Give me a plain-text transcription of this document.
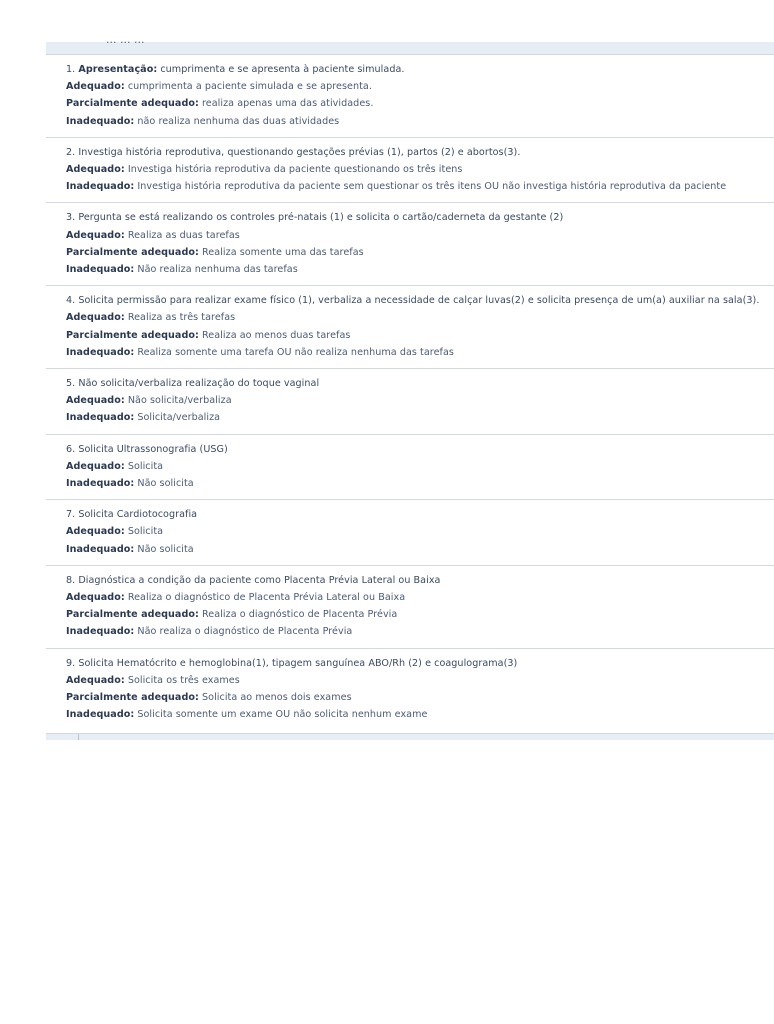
... ... ...
1. Apresentação: cumprimenta e se apresenta à paciente simulada.
Adequado: cumprimenta a paciente simulada e se apresenta.
Parcialmente adequado: realiza apenas uma das atividades.
Inadequado: não realiza nenhuma das duas atividades
2. Investiga história reprodutiva, questionando gestações prévias (1), partos (2) e abortos(3).
Adequado: Investiga história reprodutiva da paciente questionando os três itens
Inadequado: Investiga história reprodutiva da paciente sem questionar os três itens OU não investiga história reprodutiva da paciente
3. Pergunta se está realizando os controles pré-natais (1) e solicita o cartão/caderneta da gestante (2)
Adequado: Realiza as duas tarefas
Parcialmente adequado: Realiza somente uma das tarefas
Inadequado: Não realiza nenhuma das tarefas
4. Solicita permissão para realizar exame físico (1), verbaliza a necessidade de calçar luvas(2) e solicita presença de um(a) auxiliar na sala(3).
Adequado: Realiza as três tarefas
Parcialmente adequado: Realiza ao menos duas tarefas
Inadequado: Realiza somente uma tarefa OU não realiza nenhuma das tarefas
5. Não solicita/verbaliza realização do toque vaginal
Adequado: Não solicita/verbaliza
Inadequado: Solicita/verbaliza
6. Solicita Ultrassonografia (USG)
Adequado: Solicita
Inadequado: Não solicita
7. Solicita Cardiotocografia
Adequado: Solicita
Inadequado: Não solicita
8. Diagnóstica a condição da paciente como Placenta Prévia Lateral ou Baixa
Adequado: Realiza o diagnóstico de Placenta Prévia Lateral ou Baixa
Parcialmente adequado: Realiza o diagnóstico de Placenta Prévia
Inadequado: Não realiza o diagnóstico de Placenta Prévia
9. Solicita Hematócrito e hemoglobina(1), tipagem sanguínea ABO/Rh (2) e coagulograma(3)
Adequado: Solicita os três exames
Parcialmente adequado: Solicita ao menos dois exames
Inadequado: Solicita somente um exame OU não solicita nenhum exame
